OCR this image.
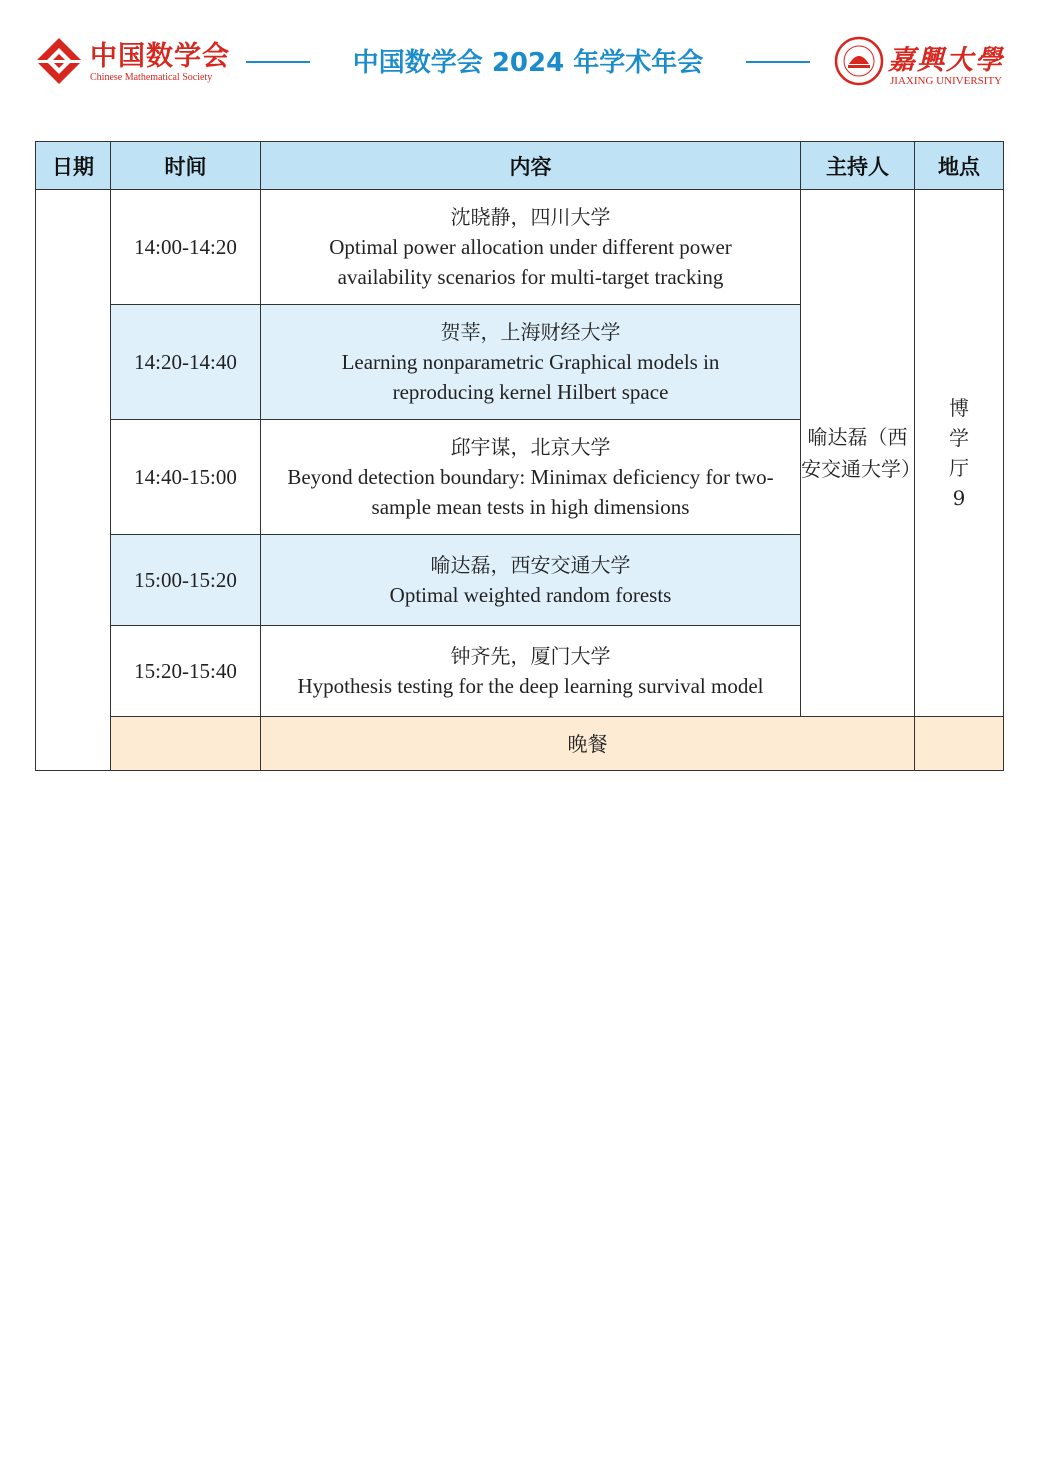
中国数学会
Chinese Mathematical Society	中国数学会 2024 年学术年会	嘉興大學
JIAXING UNIVERSITY
日期	时间	内容	主持人	地点
	14:00-14:20	沈晓静，四川大学
Optimal power allocation under different power availability scenarios for multi-target tracking	喻达磊（西安交通大学）	博学厅9

	14:20-14:40	贺莘，上海财经大学
Learning nonparametric Graphical models in reproducing kernel Hilbert space		

	14:40-15:00	邱宇谋，北京大学
Beyond detection boundary: Minimax deficiency for two-sample mean tests in high dimensions		

	15:00-15:20	喻达磊，西安交通大学
Optimal weighted random forests		

	15:20-15:40	钟齐先，厦门大学
Hypothesis testing for the deep learning survival model		

		晚餐		
